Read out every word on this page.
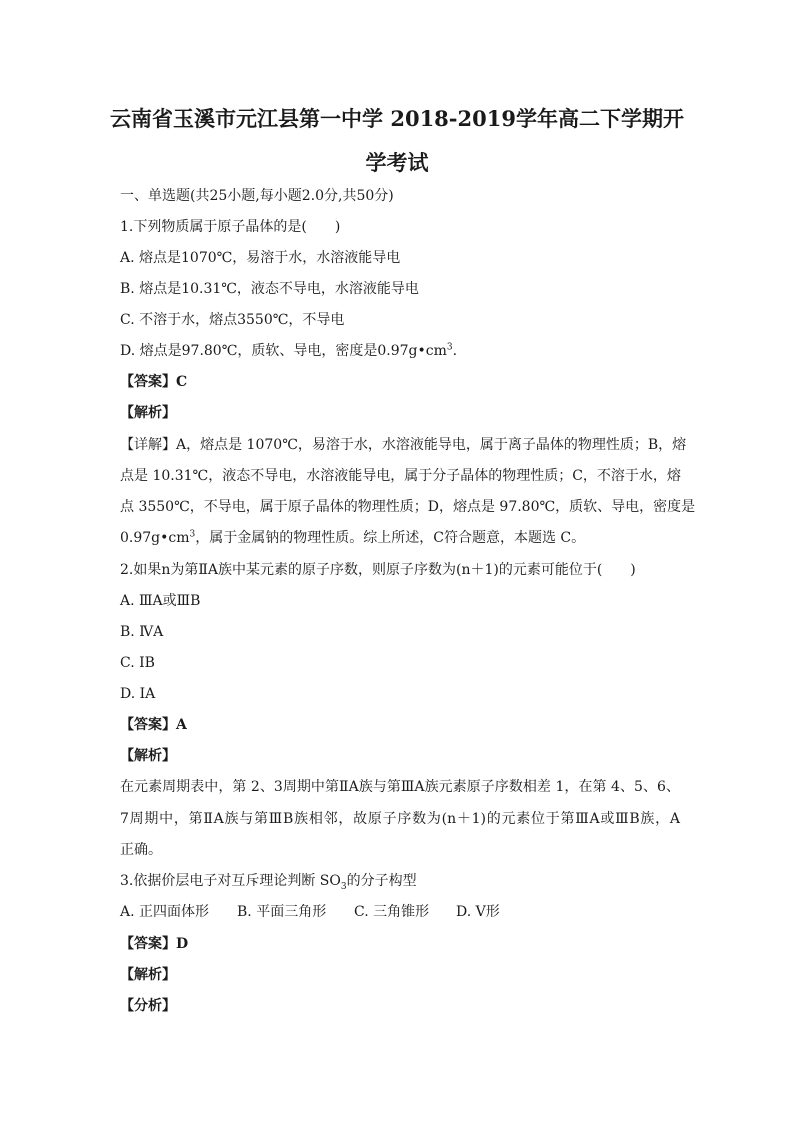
云南省玉溪市元江县第一中学 2018-2019学年高二下学期开
学考试
一、单选题(共25小题,每小题2.0分,共50分)
1.下列物质属于原子晶体的是(　　)
A. 熔点是1070℃，易溶于水，水溶液能导电
B. 熔点是10.31℃，液态不导电，水溶液能导电
C. 不溶于水，熔点3550℃，不导电
D. 熔点是97.80℃，质软、导电，密度是$0.97g•cm^3$.
【答案】C
【解析】
【详解】A，熔点是 1070℃，易溶于水，水溶液能导电，属于离子晶体的物理性质；B，熔
点是 10.31℃，液态不导电，水溶液能导电，属于分子晶体的物理性质；C，不溶于水，熔
点 3550℃，不导电，属于原子晶体的物理性质；D，熔点是 97.80℃，质软、导电，密度是
$0.97g•cm^3$，属于金属钠的物理性质。综上所述，C符合题意，本题选 C。
2.如果n为第ⅡA族中某元素的原子序数，则原子序数为(n＋1)的元素可能位于(　　)
A. ⅢA或ⅢB
B. ⅣA
C. ⅠB
D. ⅠA
【答案】A
【解析】
在元素周期表中，第 2、3周期中第ⅡA族与第ⅢA族元素原子序数相差 1，在第 4、5、6、
7周期中，第ⅡA族与第ⅢB族相邻，故原子序数为(n＋1)的元素位于第ⅢA或ⅢB族，A
正确。
3.依据价层电子对互斥理论判断 $SO_3$的分子构型
A. 正四面体形 B. 平面三角形 C. 三角锥形 D. V形
【答案】D
【解析】
【分析】
